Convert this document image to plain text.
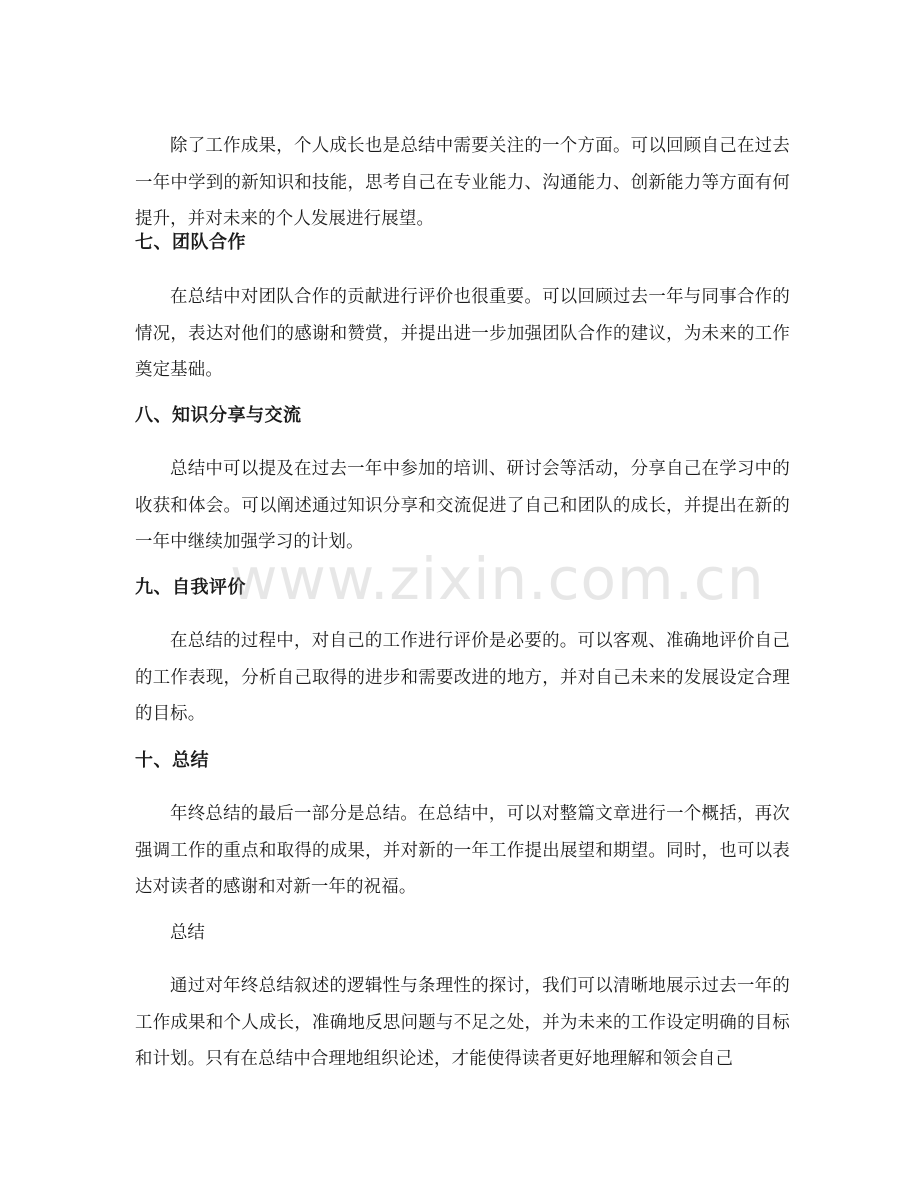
除了工作成果，个人成长也是总结中需要关注的一个方面。可以回顾自己在过去一年中学到的新知识和技能，思考自己在专业能力、沟通能力、创新能力等方面有何提升，并对未来的个人发展进行展望。

七、团队合作

在总结中对团队合作的贡献进行评价也很重要。可以回顾过去一年与同事合作的情况，表达对他们的感谢和赞赏，并提出进一步加强团队合作的建议，为未来的工作奠定基础。

八、知识分享与交流

总结中可以提及在过去一年中参加的培训、研讨会等活动，分享自己在学习中的收获和体会。可以阐述通过知识分享和交流促进了自己和团队的成长，并提出在新的一年中继续加强学习的计划。

九、自我评价

在总结的过程中，对自己的工作进行评价是必要的。可以客观、准确地评价自己的工作表现，分析自己取得的进步和需要改进的地方，并对自己未来的发展设定合理的目标。

十、总结

年终总结的最后一部分是总结。在总结中，可以对整篇文章进行一个概括，再次强调工作的重点和取得的成果，并对新的一年工作提出展望和期望。同时，也可以表达对读者的感谢和对新一年的祝福。

总结

通过对年终总结叙述的逻辑性与条理性的探讨，我们可以清晰地展示过去一年的工作成果和个人成长，准确地反思问题与不足之处，并为未来的工作设定明确的目标和计划。只有在总结中合理地组织论述，才能使得读者更好地理解和领会自己

www.zixin.com.cn
